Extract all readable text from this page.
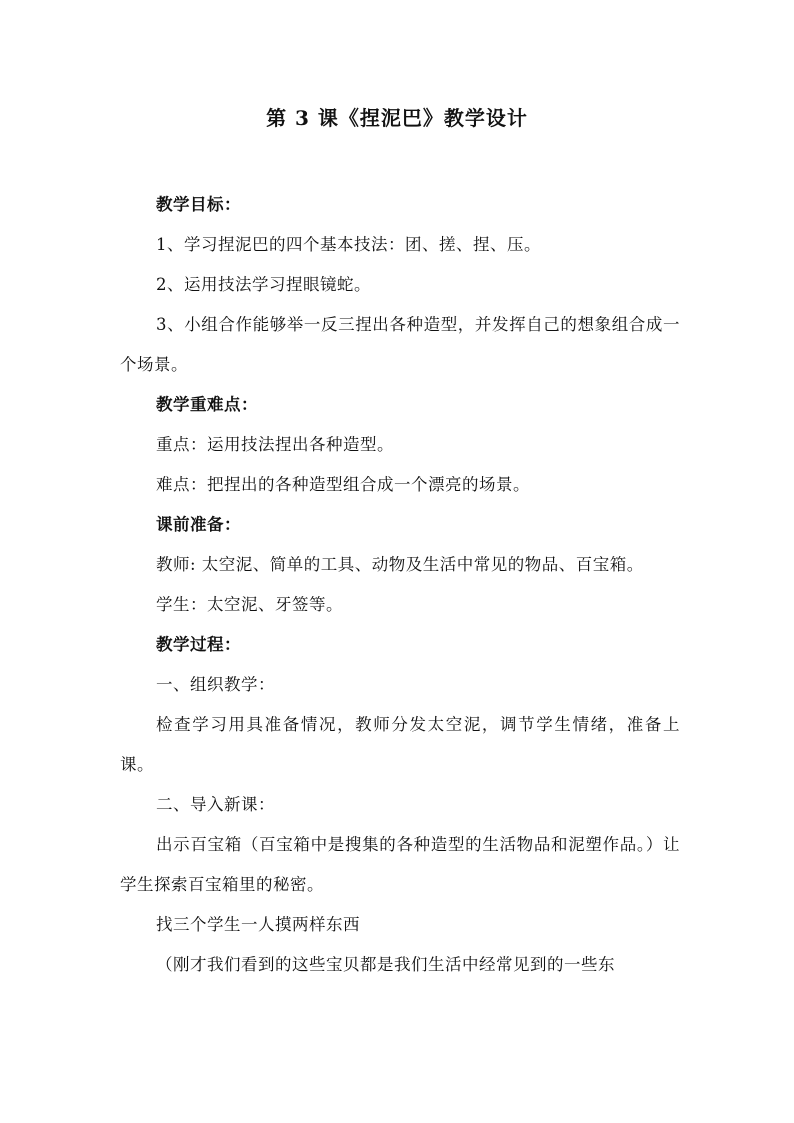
第 3 课《捏泥巴》教学设计

教学目标：

1、学习捏泥巴的四个基本技法：团、搓、捏、压。

2、运用技法学习捏眼镜蛇。

3、小组合作能够举一反三捏出各种造型，并发挥自己的想象组合成一个场景。

教学重难点：

重点：运用技法捏出各种造型。

难点：把捏出的各种造型组合成一个漂亮的场景。

课前准备：

教师: 太空泥、简单的工具、动物及生活中常见的物品、百宝箱。

学生：太空泥、牙签等。

教学过程：

一、组织教学：

检查学习用具准备情况，教师分发太空泥，调节学生情绪，准备上课。

二、导入新课：

出示百宝箱（百宝箱中是搜集的各种造型的生活物品和泥塑作品。）让学生探索百宝箱里的秘密。

找三个学生一人摸两样东西

（刚才我们看到的这些宝贝都是我们生活中经常见到的一些东
